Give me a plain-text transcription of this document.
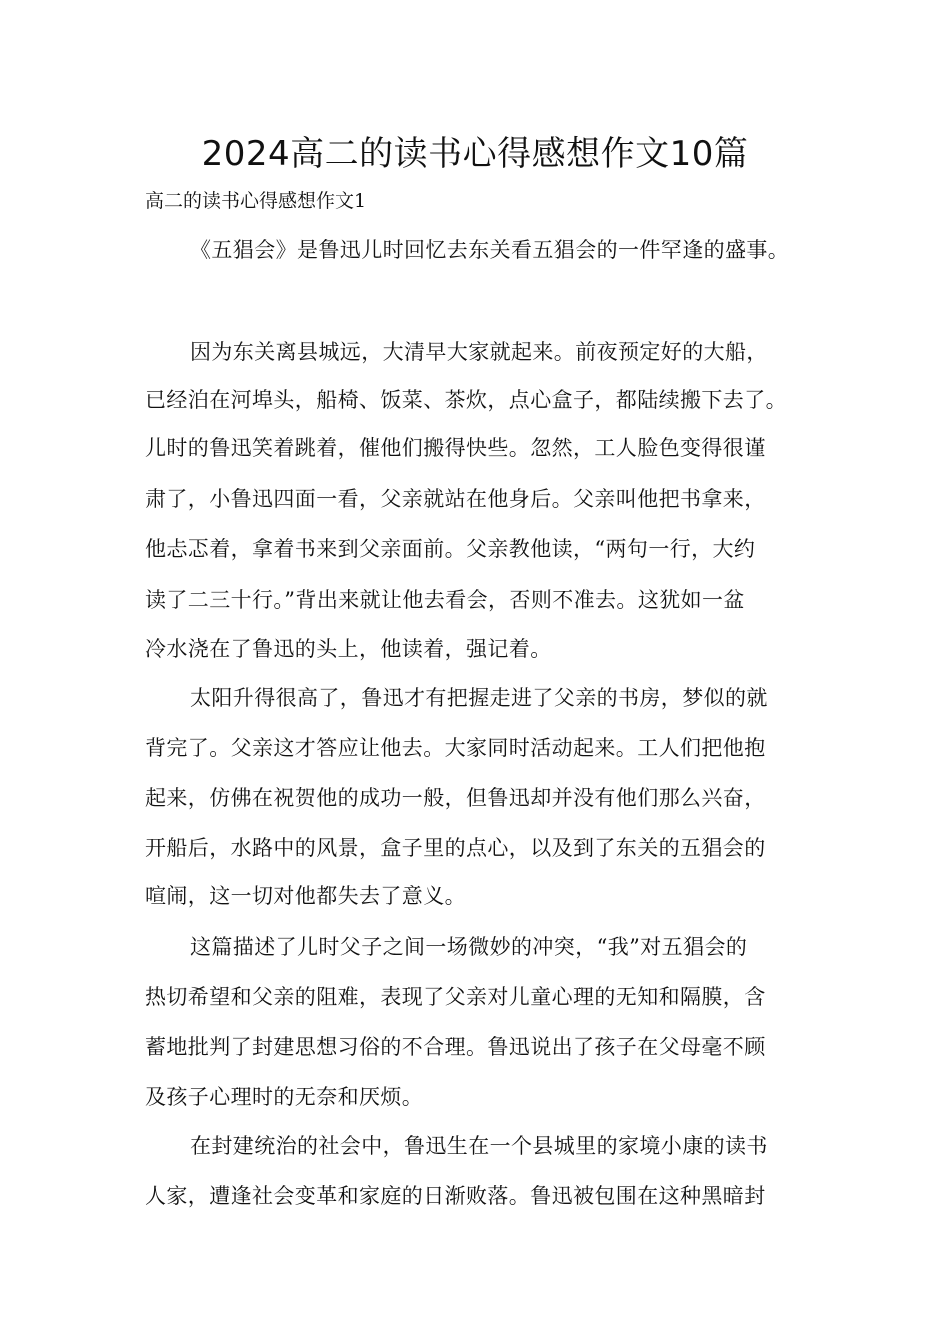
2024高二的读书心得感想作文10篇
高二的读书心得感想作文1
《五猖会》是鲁迅儿时回忆去东关看五猖会的一件罕逢的盛事。
因为东关离县城远，大清早大家就起来。前夜预定好的大船，
已经泊在河埠头，船椅、饭菜、茶炊，点心盒子，都陆续搬下去了。
儿时的鲁迅笑着跳着，催他们搬得快些。忽然，工人脸色变得很谨
肃了，小鲁迅四面一看，父亲就站在他身后。父亲叫他把书拿来，
他忐忑着，拿着书来到父亲面前。父亲教他读，“两句一行，大约
读了二三十行。”背出来就让他去看会，否则不准去。这犹如一盆
冷水浇在了鲁迅的头上，他读着，强记着。
太阳升得很高了，鲁迅才有把握走进了父亲的书房，梦似的就
背完了。父亲这才答应让他去。大家同时活动起来。工人们把他抱
起来，仿佛在祝贺他的成功一般，但鲁迅却并没有他们那么兴奋，
开船后，水路中的风景，盒子里的点心，以及到了东关的五猖会的
喧闹，这一切对他都失去了意义。
这篇描述了儿时父子之间一场微妙的冲突，“我”对五猖会的
热切希望和父亲的阻难，表现了父亲对儿童心理的无知和隔膜，含
蓄地批判了封建思想习俗的不合理。鲁迅说出了孩子在父母毫不顾
及孩子心理时的无奈和厌烦。
在封建统治的社会中，鲁迅生在一个县城里的家境小康的读书
人家，遭逢社会变革和家庭的日渐败落。鲁迅被包围在这种黑暗封
